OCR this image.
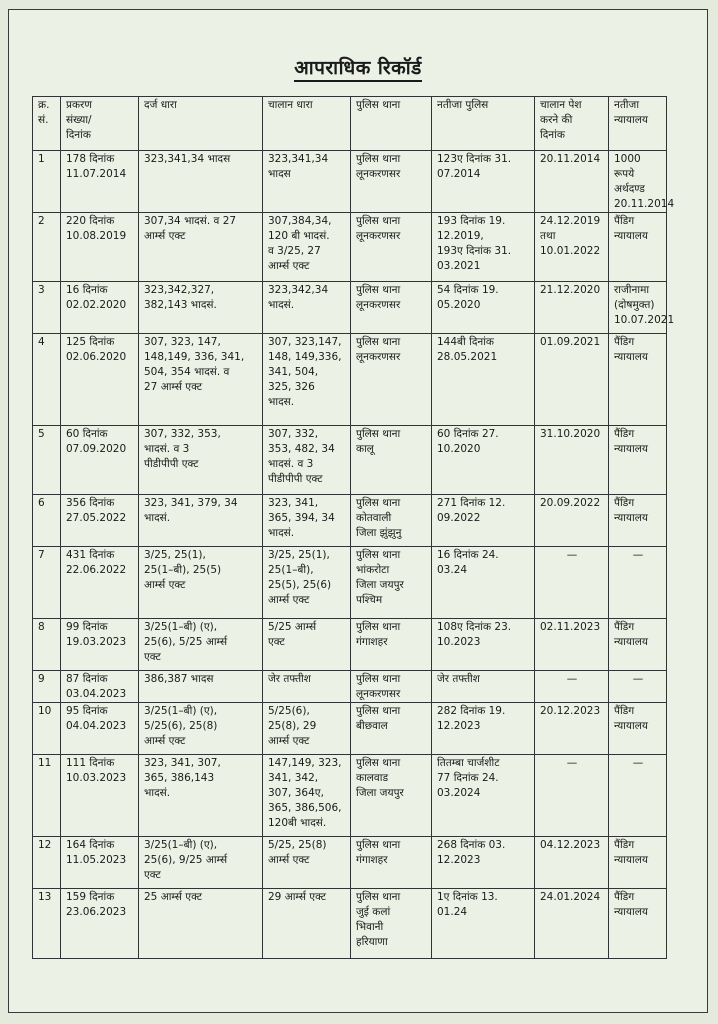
आपराधिक रिकॉर्ड
क्र.
सं.	प्रकरण
संख्या/
दिनांक	दर्ज धारा	चालान धारा	पुलिस थाना	नतीजा पुलिस	चालान पेश
करने की
दिनांक	नतीजा
न्यायालय
1	178 दिनांक
11.07.2014	323,341,34 भादस	323,341,34
भादस	पुलिस थाना
लूनकरणसर	123ए दिनांक 31.
07.2014	20.11.2014	1000
रूपये
अर्थदण्ड
20.11.2014
2	220 दिनांक
10.08.2019	307,34 भादसं. व 27
आर्म्स एक्ट	307,384,34,
120 बी भादसं.
व 3/25, 27
आर्म्स एक्ट	पुलिस थाना
लूनकरणसर	193 दिनांक 19.
12.2019,
193ए दिनांक 31.
03.2021	24.12.2019
तथा
10.01.2022	पैंडिग
न्यायालय
3	16 दिनांक
02.02.2020	323,342,327,
382,143 भादसं.	323,342,34
भादसं.	पुलिस थाना
लूनकरणसर	54 दिनांक 19.
05.2020	21.12.2020	राजीनामा
(दोषमुक्त)
10.07.2021
4	125 दिनांक
02.06.2020	307, 323, 147,
148,149, 336, 341,
504, 354 भादसं. व
27 आर्म्स एक्ट	307, 323,147,
148, 149,336,
341, 504,
325, 326
भादस.	पुलिस थाना
लूनकरणसर	144बी दिनांक
28.05.2021	01.09.2021	पैंडिग
न्यायालय
5	60 दिनांक
07.09.2020	307, 332, 353,
भादसं. व 3
पीडीपीपी एक्ट	307, 332,
353, 482, 34
भादसं. व 3
पीडीपीपी एक्ट	पुलिस थाना
कालू	60 दिनांक 27.
10.2020	31.10.2020	पैंडिग
न्यायालय
6	356 दिनांक
27.05.2022	323, 341, 379, 34
भादसं.	323, 341,
365, 394, 34
भादसं.	पुलिस थाना
कोतवाली
जिला झुंझुनु	271 दिनांक 12.
09.2022	20.09.2022	पैंडिग
न्यायालय
7	431 दिनांक
22.06.2022	3/25, 25(1),
25(1–बी), 25(5)
आर्म्स एक्ट	3/25, 25(1),
25(1–बी),
25(5), 25(6)
आर्म्स एक्ट	पुलिस थाना
भांकरोटा
जिला जयपुर
पश्चिम	16 दिनांक 24.
03.24	—	—
8	99 दिनांक
19.03.2023	3/25(1–बी) (ए),
25(6), 5/25 आर्म्स
एक्ट	5/25 आर्म्स
एक्ट	पुलिस थाना
गंगाशहर	108ए दिनांक 23.
10.2023	02.11.2023	पैंडिग
न्यायालय
9	87 दिनांक
03.04.2023	386,387 भादस	जेर तफ्तीश	पुलिस थाना
लूनकरणसर	जेर तफ्तीश	—	—
10	95 दिनांक
04.04.2023	3/25(1–बी) (ए),
5/25(6), 25(8)
आर्म्स एक्ट	5/25(6),
25(8), 29
आर्म्स एक्ट	पुलिस थाना
बीछवाल	282 दिनांक 19.
12.2023	20.12.2023	पैंडिग
न्यायालय
11	111 दिनांक
10.03.2023	323, 341, 307,
365, 386,143
भादसं.	147,149, 323,
341, 342,
307, 364ए,
365, 386,506,
120बी भादसं.	पुलिस थाना
कालवाड
जिला जयपुर	तितम्बा चार्जशीट
77 दिनांक 24.
03.2024	—	—
12	164 दिनांक
11.05.2023	3/25(1–बी) (ए),
25(6), 9/25 आर्म्स
एक्ट	5/25, 25(8)
आर्म्स एक्ट	पुलिस थाना
गंगाशहर	268 दिनांक 03.
12.2023	04.12.2023	पैंडिग
न्यायालय
13	159 दिनांक
23.06.2023	25 आर्म्स एक्ट	29 आर्म्स एक्ट	पुलिस थाना
जुई कलां
भिवानी
हरियाणा	1ए दिनांक 13.
01.24	24.01.2024	पैंडिग
न्यायालय
